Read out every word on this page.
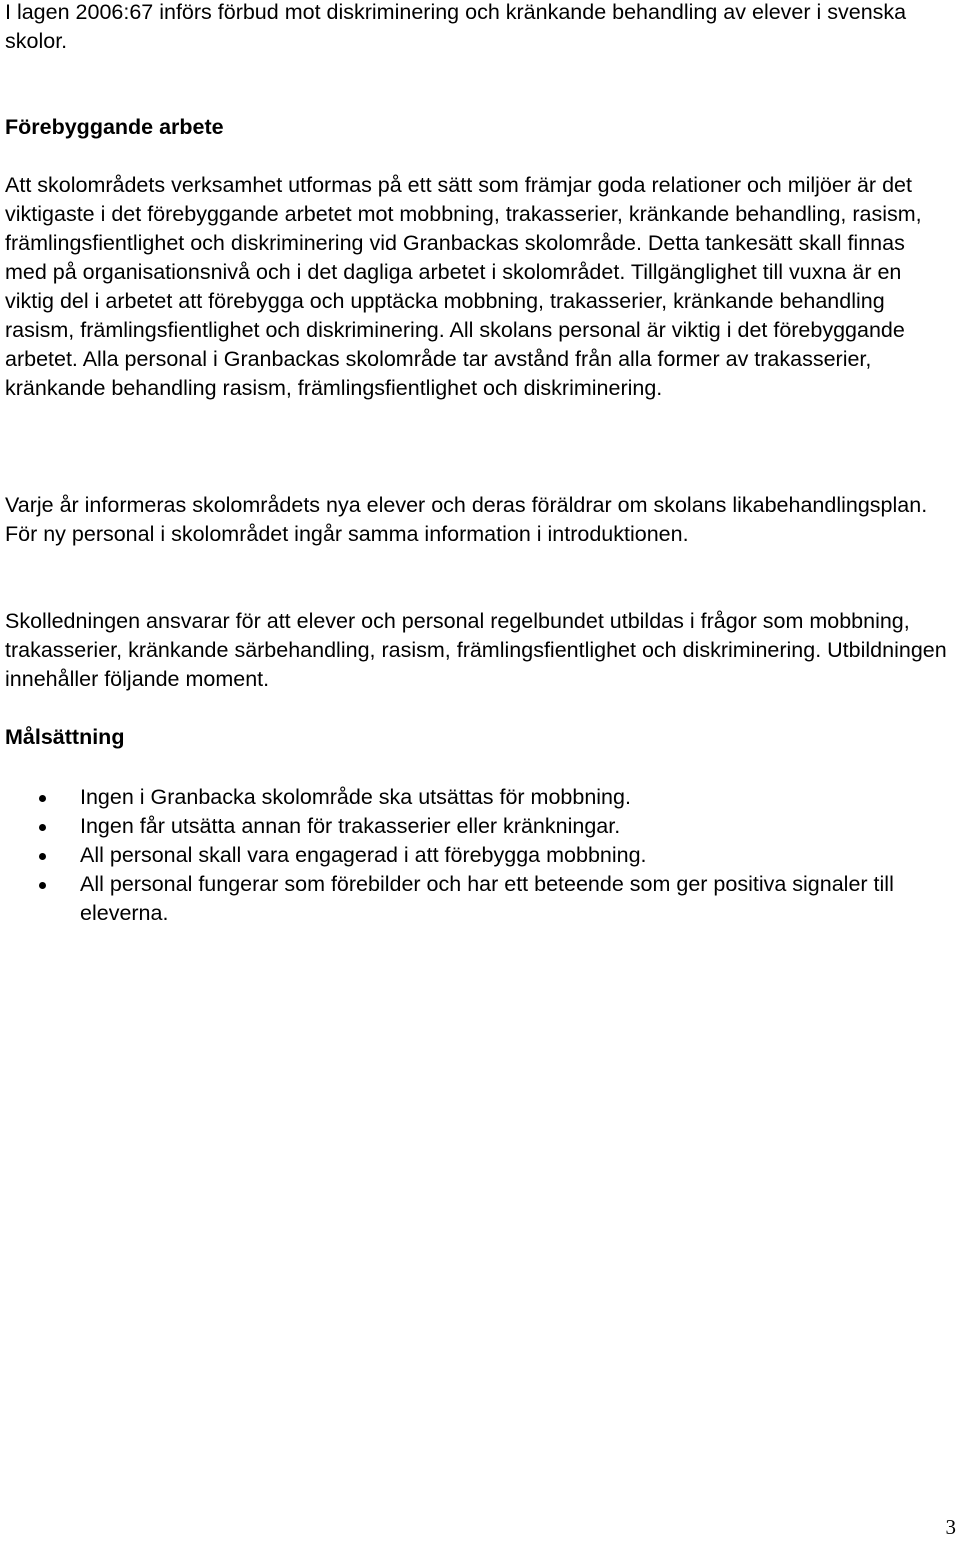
I lagen 2006:67 införs förbud mot diskriminering och kränkande behandling av elever i svenska skolor.

Förebyggande arbete

Att skolområdets verksamhet utformas på ett sätt som främjar goda relationer och miljöer är det viktigaste i det förebyggande arbetet mot mobbning, trakasserier, kränkande behandling, rasism, främlingsfientlighet och diskriminering vid Granbackas skolområde. Detta tankesätt skall finnas med på organisationsnivå och i det dagliga arbetet i skolområdet. Tillgänglighet till vuxna är en viktig del i arbetet att förebygga och upptäcka mobbning, trakasserier, kränkande behandling rasism, främlingsfientlighet och diskriminering. All skolans personal är viktig i det förebyggande arbetet. Alla personal i Granbackas skolområde tar avstånd från alla former av trakasserier, kränkande behandling rasism, främlingsfientlighet och diskriminering.

Varje år informeras skolområdets nya elever och deras föräldrar om skolans likabehandlingsplan. För ny personal i skolområdet ingår samma information i introduktionen.

Skolledningen ansvarar för att elever och personal regelbundet utbildas i frågor som mobbning, trakasserier, kränkande särbehandling, rasism, främlingsfientlighet och diskriminering. Utbildningen innehåller följande moment.

Målsättning
Ingen i Granbacka skolområde ska utsättas för mobbning.
Ingen får utsätta annan för trakasserier eller kränkningar.
All personal skall vara engagerad i att förebygga mobbning.
All personal fungerar som förebilder och har ett beteende som ger positiva signaler till eleverna.
3
